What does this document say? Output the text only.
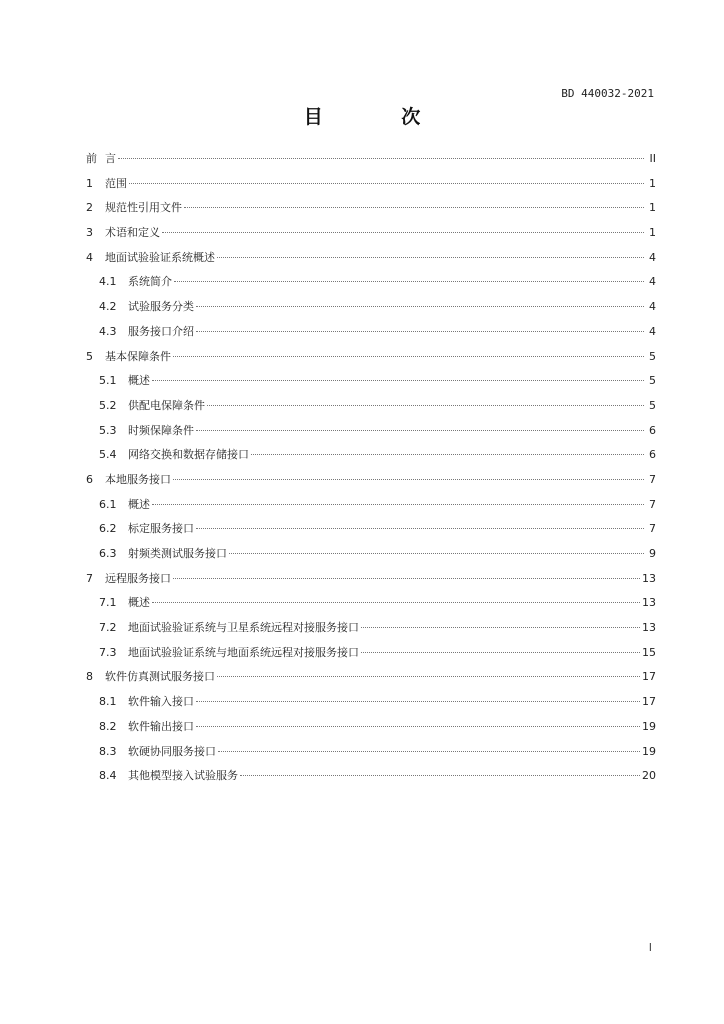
BD 440032-2021
目 次
前 言	II
1	范围	1
2	规范性引用文件	1
3	术语和定义	1
4	地面试验验证系统概述	4
4.1	系统简介	4
4.2	试验服务分类	4
4.3	服务接口介绍	4
5	基本保障条件	5
5.1	概述	5
5.2	供配电保障条件	5
5.3	时频保障条件	6
5.4	网络交换和数据存储接口	6
6	本地服务接口	7
6.1	概述	7
6.2	标定服务接口	7
6.3	射频类测试服务接口	9
7	远程服务接口	13
7.1	概述	13
7.2	地面试验验证系统与卫星系统远程对接服务接口	13
7.3	地面试验验证系统与地面系统远程对接服务接口	15
8	软件仿真测试服务接口	17
8.1	软件输入接口	17
8.2	软件输出接口	19
8.3	软硬协同服务接口	19
8.4	其他模型接入试验服务	20
I
